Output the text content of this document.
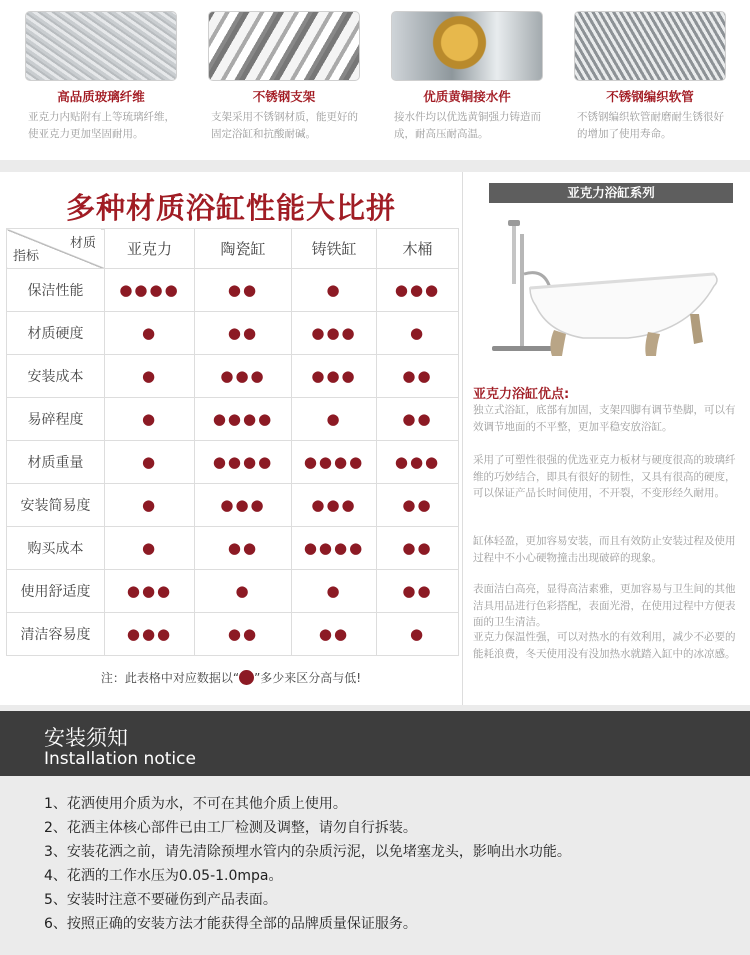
高品质玻璃纤维
亚克力内贴附有上等琉璃纤维，使亚克力更加坚固耐用。
不锈钢支架
支架采用不锈钢材质，能更好的固定浴缸和抗酸耐碱。
优质黄铜接水件
接水件均以优选黄铜强力铸造而成，耐高压耐高温。
不锈钢编织软管
不锈钢编织软管耐磨耐生锈很好的增加了使用寿命。
多种材质浴缸性能大比拼
材质
指标	亚克力	陶瓷缸	铸铁缸	木桶
保洁性能	●●●●	●●	●	●●●
材质硬度	●	●●	●●●	●
安装成本	●	●●●	●●●	●●
易碎程度	●	●●●●	●	●●
材质重量	●	●●●●	●●●●	●●●
安装简易度	●	●●●	●●●	●●
购买成本	●	●●	●●●●	●●
使用舒适度	●●●	●	●	●●
清洁容易度	●●●	●●	●●	●
注：此表格中对应数据以“ ”多少来区分高与低!
亚克力浴缸系列
亚克力浴缸优点:
独立式浴缸，底部有加固，支架四脚有调节垫脚，可以有效调节地面的不平整，更加平稳安放浴缸。
采用了可塑性很强的优选亚克力板材与硬度很高的玻璃纤维的巧妙结合，即具有很好的韧性，又具有很高的硬度，可以保证产品长时间使用，不开裂，不变形经久耐用。
缸体轻盈，更加容易安装，而且有效防止安装过程及使用过程中不小心硬物撞击出现破碎的现象。
表面洁白高亮，显得高洁素雅，更加容易与卫生间的其他洁具用品进行色彩搭配，表面光滑，在使用过程中方便表面的卫生清洁。
亚克力保温性强，可以对热水的有效利用，减少不必要的能耗浪费，冬天使用没有没加热水就踏入缸中的冰凉感。
安装须知
Installation notice
1、花洒使用介质为水，不可在其他介质上使用。
2、花洒主体核心部件已由工厂检测及调整，请勿自行拆装。
3、安装花洒之前，请先清除预埋水管内的杂质污泥，以免堵塞龙头，影响出水功能。
4、花洒的工作水压为0.05-1.0mpa。
5、安装时注意不要碰伤到产品表面。
6、按照正确的安装方法才能获得全部的品牌质量保证服务。
